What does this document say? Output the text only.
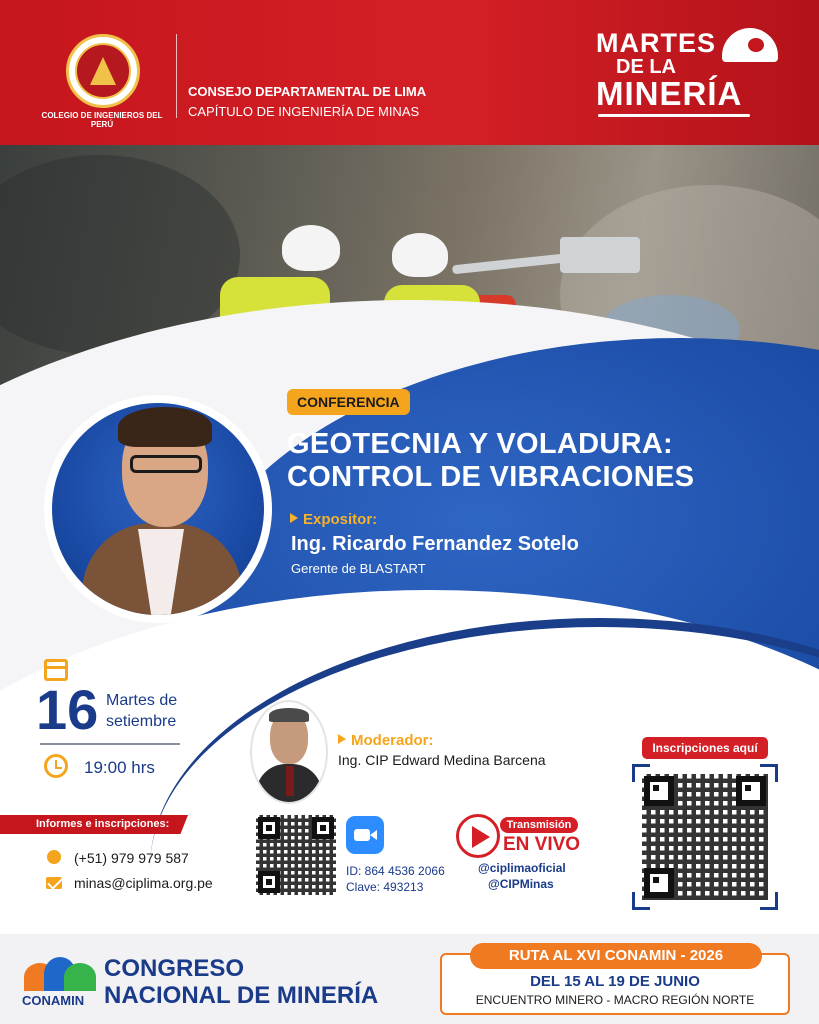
COLEGIO DE INGENIEROS DEL PERÚ
CONSEJO DEPARTAMENTAL DE LIMA
CAPÍTULO DE INGENIERÍA DE MINAS
MARTES
DE LA
MINERÍA
CONFERENCIA
GEOTECNIA Y VOLADURA: CONTROL DE VIBRACIONES
Expositor:
Ing. Ricardo Fernandez Sotelo
Gerente de BLASTART
16 Martes de setiembre
19:00 hrs
Moderador:
Ing. CIP Edward Medina Barcena
Informes e inscripciones:
(+51) 979 979 587
minas@ciplima.org.pe
ID: 864 4536 2066
Clave: 493213
Transmisión
EN VIVO
@ciplimaoficial
@CIPMinas
Inscripciones aquí
CONAMIN
CONGRESO
NACIONAL DE MINERÍA
RUTA AL XVI CONAMIN - 2026
DEL 15 AL 19 DE JUNIO
ENCUENTRO MINERO - MACRO REGIÓN NORTE
